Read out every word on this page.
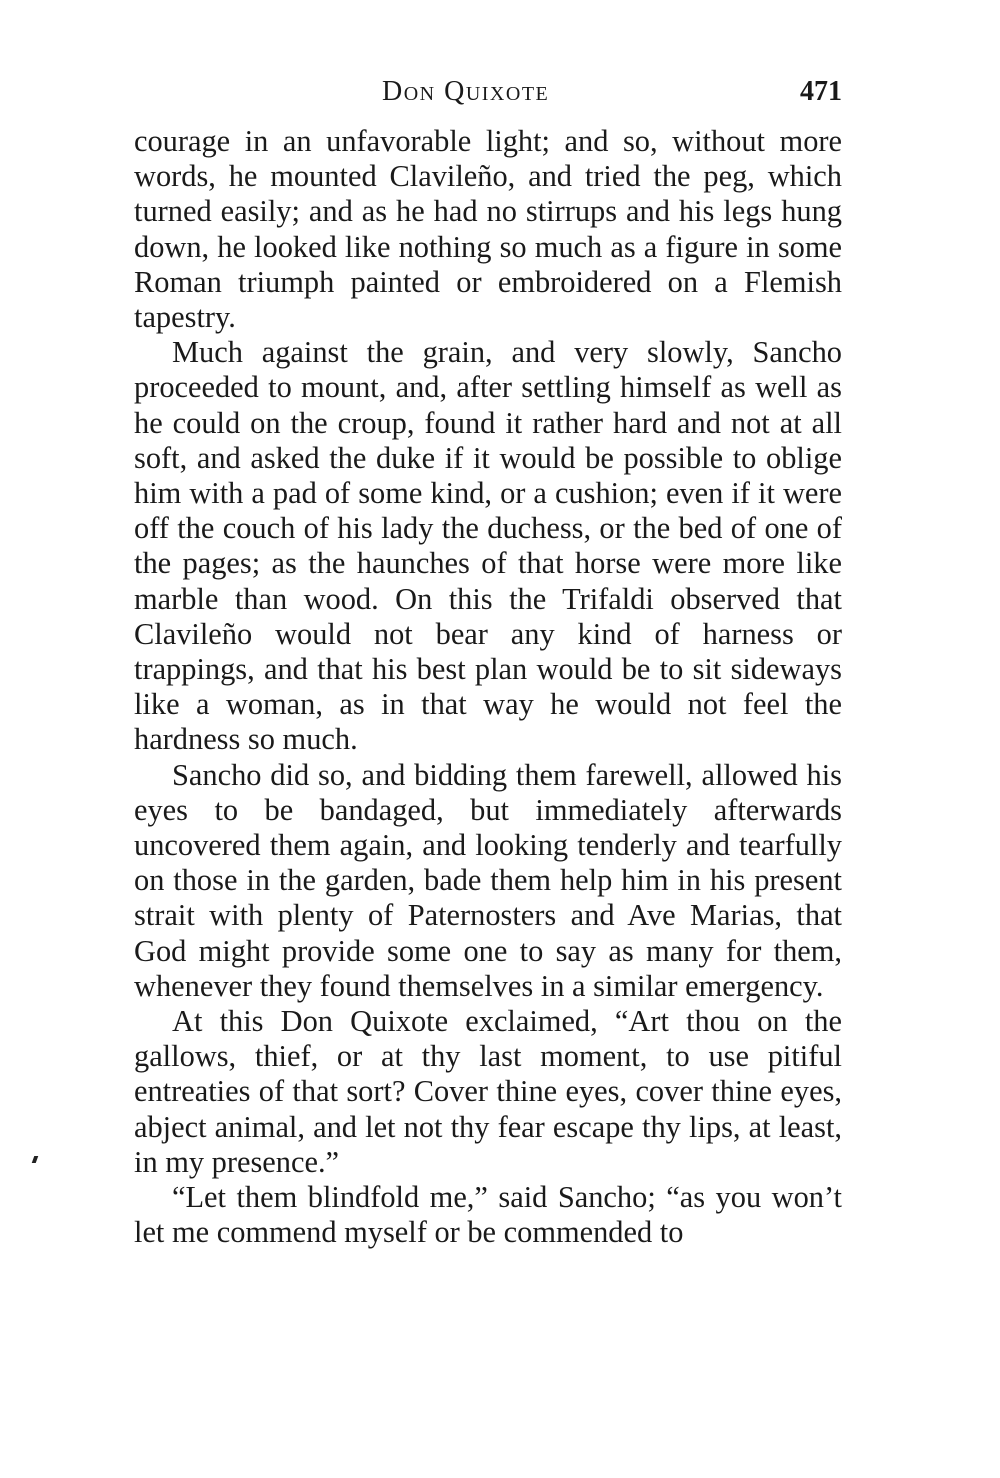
Don Quixote	471

courage in an unfavorable light; and so, without more words, he mounted Clavileño, and tried the peg, which turned easily; and as he had no stirrups and his legs hung down, he looked like nothing so much as a figure in some Roman triumph painted or embroidered on a Flemish tapestry.

Much against the grain, and very slowly, Sancho proceeded to mount, and, after settling himself as well as he could on the croup, found it rather hard and not at all soft, and asked the duke if it would be possible to oblige him with a pad of some kind, or a cushion; even if it were off the couch of his lady the duchess, or the bed of one of the pages; as the haunches of that horse were more like marble than wood. On this the Trifaldi observed that Clavileño would not bear any kind of harness or trappings, and that his best plan would be to sit sideways like a woman, as in that way he would not feel the hardness so much.

Sancho did so, and bidding them farewell, allowed his eyes to be bandaged, but immediately afterwards uncovered them again, and looking tenderly and tearfully on those in the garden, bade them help him in his present strait with plenty of Paternosters and Ave Marias, that God might provide some one to say as many for them, whenever they found themselves in a similar emergency.

At this Don Quixote exclaimed, “Art thou on the gallows, thief, or at thy last moment, to use pitiful entreaties of that sort? Cover thine eyes, cover thine eyes, abject animal, and let not thy fear escape thy lips, at least, in my presence.”

“Let them blindfold me,” said Sancho; “as you won’t let me commend myself or be commended to
